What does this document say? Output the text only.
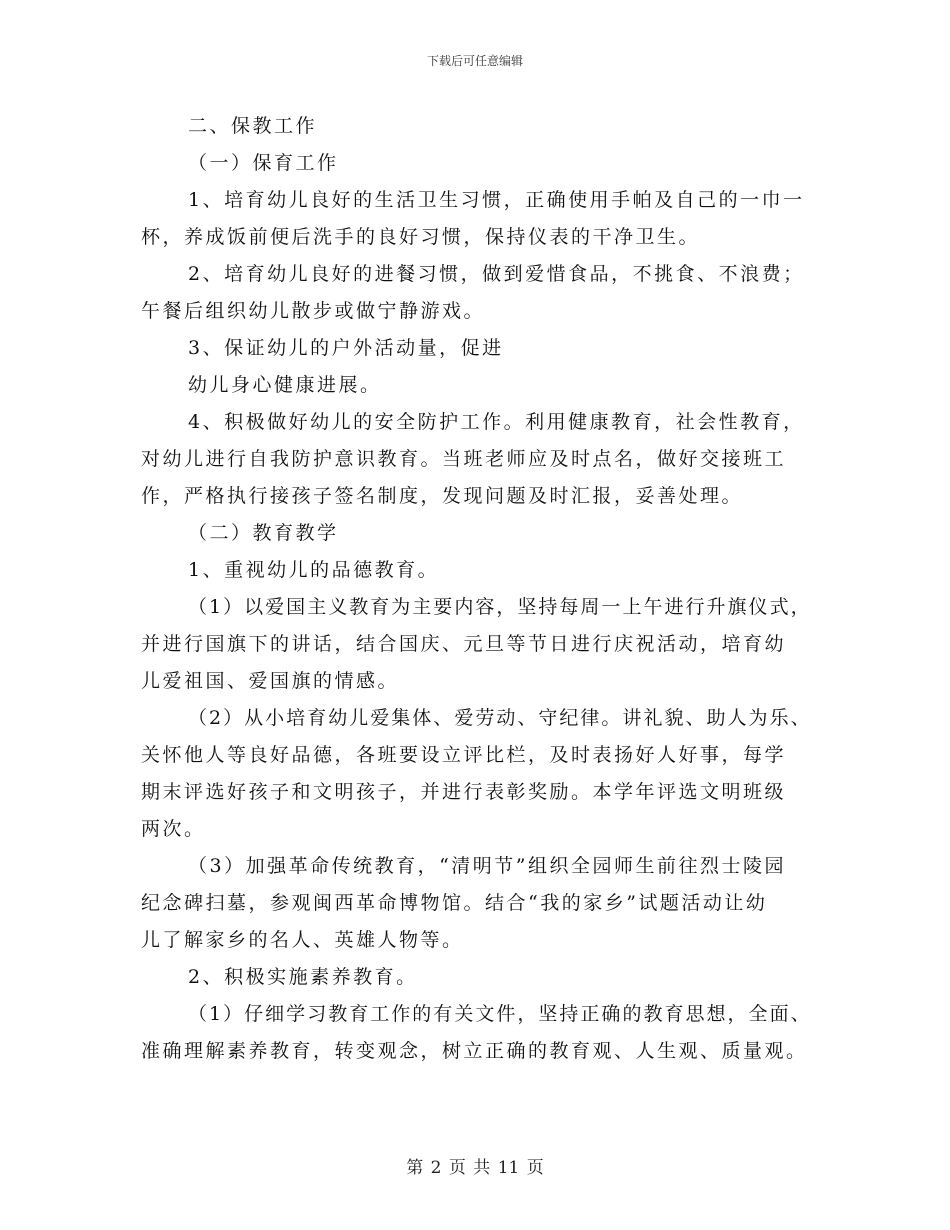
下载后可任意编辑
二、保教工作
（一）保育工作
1、培育幼儿良好的生活卫生习惯，正确使用手帕及自己的一巾一
杯，养成饭前便后洗手的良好习惯，保持仪表的干净卫生。
2、培育幼儿良好的进餐习惯，做到爱惜食品，不挑食、不浪费；
午餐后组织幼儿散步或做宁静游戏。
3、保证幼儿的户外活动量，促进
幼儿身心健康进展。
4、积极做好幼儿的安全防护工作。利用健康教育，社会性教育，
对幼儿进行自我防护意识教育。当班老师应及时点名，做好交接班工
作，严格执行接孩子签名制度，发现问题及时汇报，妥善处理。
（二）教育教学
1、重视幼儿的品德教育。
（1）以爱国主义教育为主要内容，坚持每周一上午进行升旗仪式，
并进行国旗下的讲话，结合国庆、元旦等节日进行庆祝活动，培育幼
儿爱祖国、爱国旗的情感。
（2）从小培育幼儿爱集体、爱劳动、守纪律。讲礼貌、助人为乐、
关怀他人等良好品德，各班要设立评比栏，及时表扬好人好事，每学
期末评选好孩子和文明孩子，并进行表彰奖励。本学年评选文明班级
两次。
（3）加强革命传统教育，“清明节”组织全园师生前往烈士陵园
纪念碑扫墓，参观闽西革命博物馆。结合“我的家乡”试题活动让幼
儿了解家乡的名人、英雄人物等。
2、积极实施素养教育。
（1）仔细学习教育工作的有关文件，坚持正确的教育思想，全面、
准确理解素养教育，转变观念，树立正确的教育观、人生观、质量观。
第 2 页 共 11 页
